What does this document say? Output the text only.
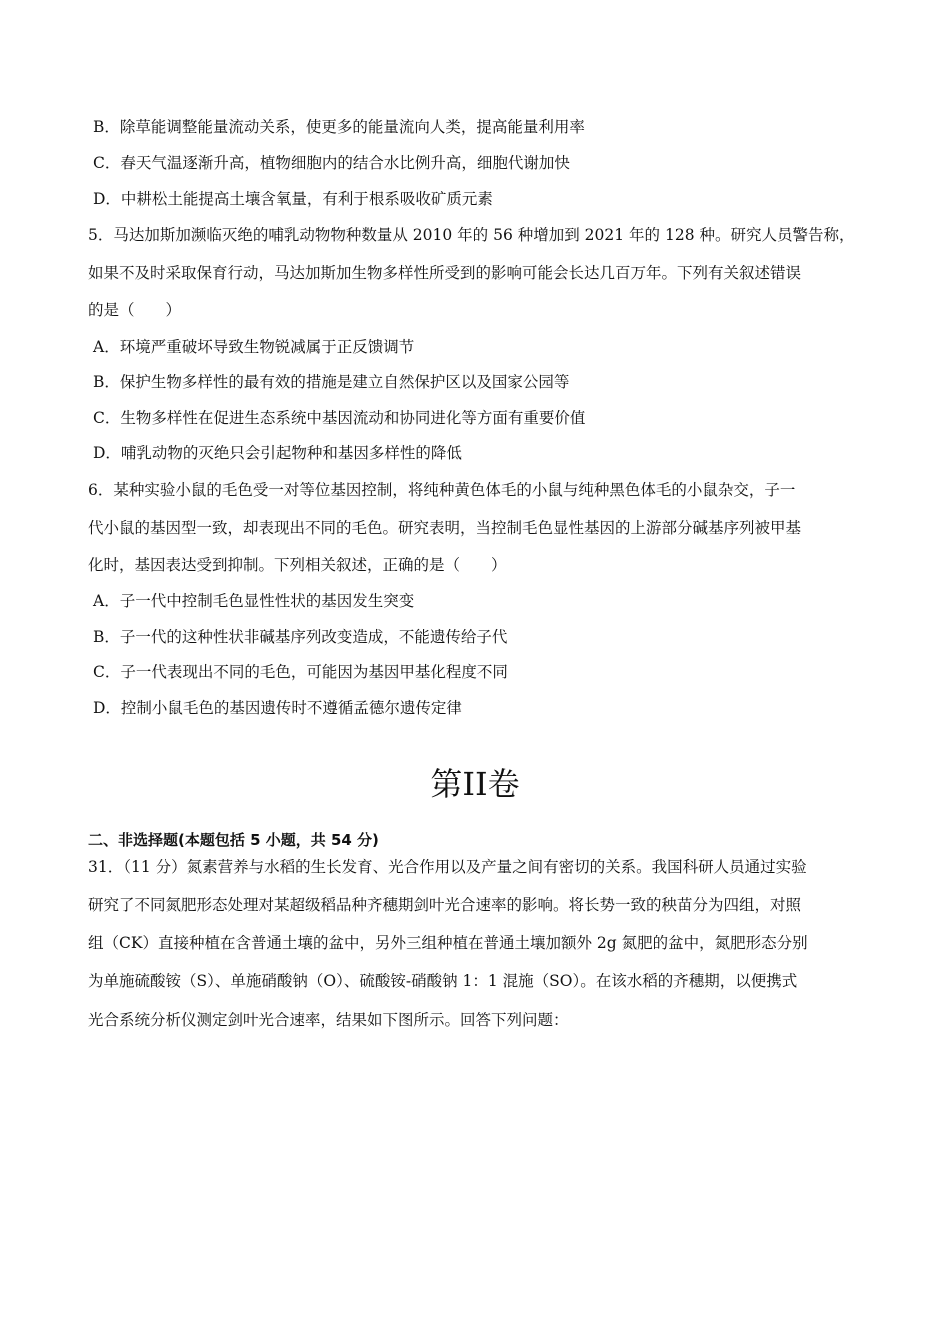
B．除草能调整能量流动关系，使更多的能量流向人类，提高能量利用率
C．春天气温逐渐升高，植物细胞内的结合水比例升高，细胞代谢加快
D．中耕松土能提高土壤含氧量，有利于根系吸收矿质元素
5．马达加斯加濒临灭绝的哺乳动物物种数量从 2010 年的 56 种增加到 2021 年的 128 种。研究人员警告称，
如果不及时采取保育行动，马达加斯加生物多样性所受到的影响可能会长达几百万年。下列有关叙述错误
的是（　　）
A．环境严重破坏导致生物锐减属于正反馈调节
B．保护生物多样性的最有效的措施是建立自然保护区以及国家公园等
C．生物多样性在促进生态系统中基因流动和协同进化等方面有重要价值
D．哺乳动物的灭绝只会引起物种和基因多样性的降低
6．某种实验小鼠的毛色受一对等位基因控制，将纯种黄色体毛的小鼠与纯种黑色体毛的小鼠杂交，子一
代小鼠的基因型一致，却表现出不同的毛色。研究表明，当控制毛色显性基因的上游部分碱基序列被甲基
化时，基因表达受到抑制。下列相关叙述，正确的是（　　）
A．子一代中控制毛色显性性状的基因发生突变
B．子一代的这种性状非碱基序列改变造成，不能遗传给子代
C．子一代表现出不同的毛色，可能因为基因甲基化程度不同
D．控制小鼠毛色的基因遗传时不遵循孟德尔遗传定律
第II卷
二、非选择题(本题包括 5 小题，共 54 分)
31．（11 分）氮素营养与水稻的生长发育、光合作用以及产量之间有密切的关系。我国科研人员通过实验
研究了不同氮肥形态处理对某超级稻品种齐穗期剑叶光合速率的影响。将长势一致的秧苗分为四组，对照
组（CK）直接种植在含普通土壤的盆中，另外三组种植在普通土壤加额外 2g 氮肥的盆中，氮肥形态分别
为单施硫酸铵（S）、单施硝酸钠（O）、硫酸铵-硝酸钠 1：1 混施（SO）。在该水稻的齐穗期，以便携式
光合系统分析仪测定剑叶光合速率，结果如下图所示。回答下列问题：
